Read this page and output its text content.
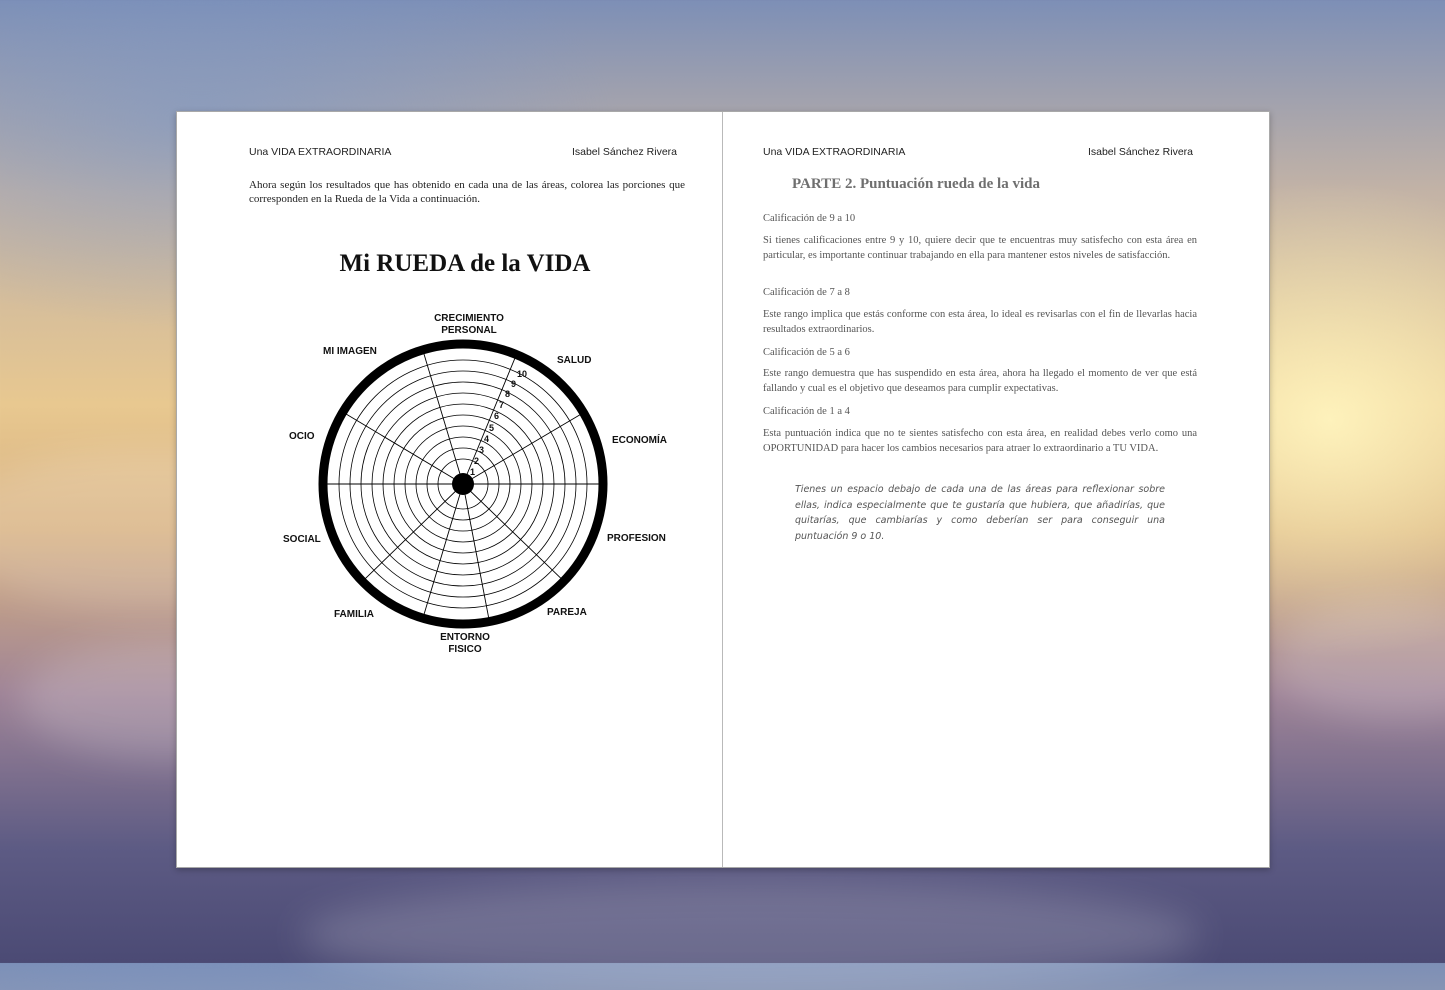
Una VIDA EXTRAORDINARIA	Isabel Sánchez Rivera
Ahora según los resultados que has obtenido en cada una de las áreas, colorea las porciones que corresponden en la Rueda de la Vida a continuación.
Mi RUEDA de la VIDA
1
2
3
4
5
6
7
8
9
10
CRECIMIENTO
PERSONAL
SALUD
ECONOMÍA
PROFESION
PAREJA
ENTORNO
FISICO
FAMILIA
SOCIAL
OCIO
MI IMAGEN
Una VIDA EXTRAORDINARIA	Isabel Sánchez Rivera
PARTE 2. Puntuación rueda de la vida
Calificación de 9 a 10
Si tienes calificaciones entre 9 y 10, quiere decir que te encuentras muy satisfecho con esta área en particular, es importante continuar trabajando en ella para mantener estos niveles de satisfacción.
Calificación de 7 a 8
Este rango implica que estás conforme con esta área, lo ideal es revisarlas con el fin de llevarlas hacia resultados extraordinarios.
Calificación de 5 a 6
Este rango demuestra que has suspendido en esta área, ahora ha llegado el momento de ver que está fallando y cual es el objetivo que deseamos para cumplir expectativas.
Calificación de 1 a 4
Esta puntuación indica que no te sientes satisfecho con esta área, en realidad debes verlo como una OPORTUNIDAD para hacer los cambios necesarios para atraer lo extraordinario a TU VIDA.
Tienes un espacio debajo de cada una de las áreas para reflexionar sobre ellas, indica especialmente que te gustaría que hubiera, que añadirías, que quitarías, que cambiarías y como deberían ser para conseguir una puntuación 9 o 10.
